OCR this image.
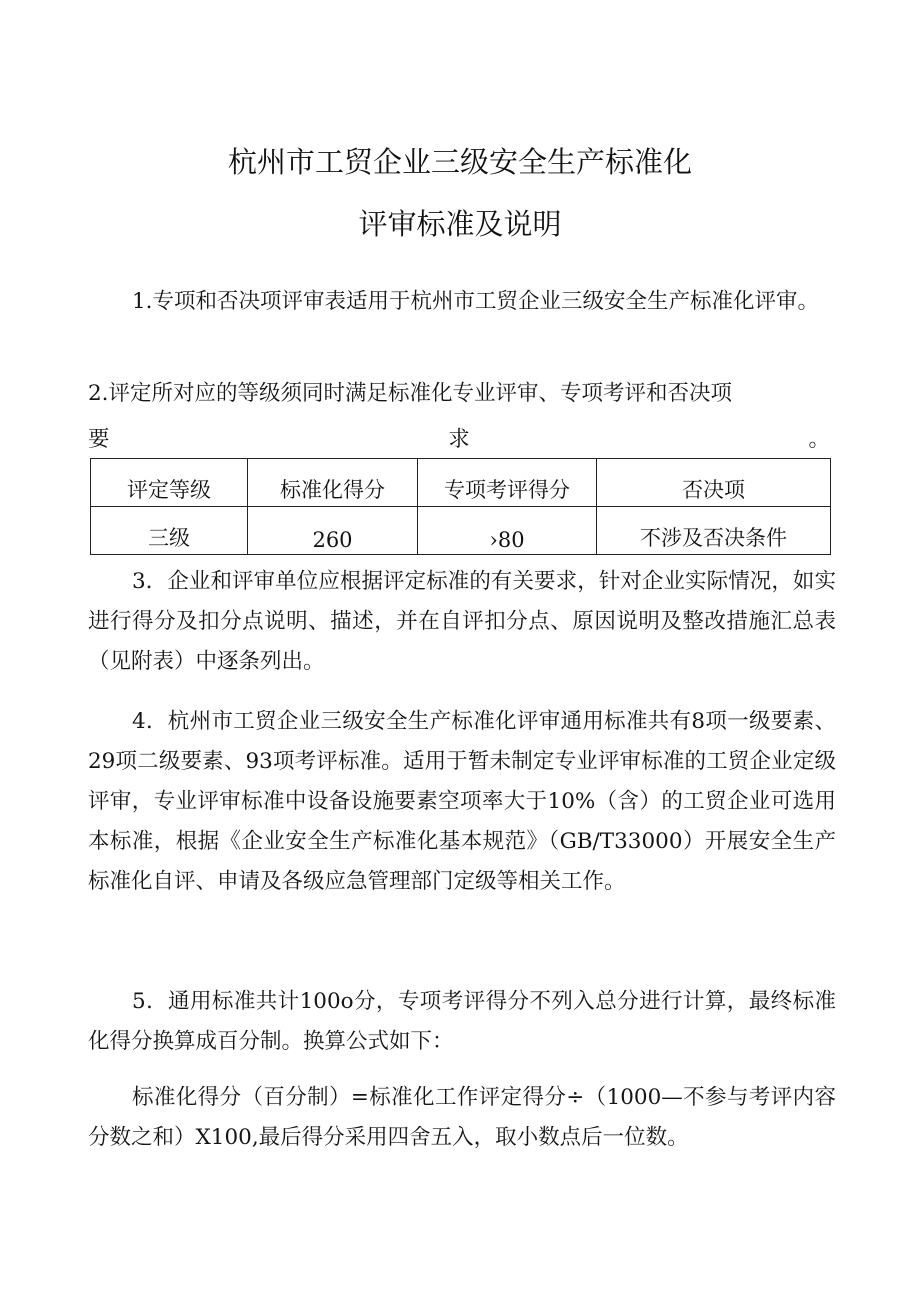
杭州市工贸企业三级安全生产标准化
评审标准及说明
1.专项和否决项评审表适用于杭州市工贸企业三级安全生产标准化评审。
2.评定所对应的等级须同时满足标准化专业评审、专项考评和否决项
要	求	。
评定等级	标准化得分	专项考评得分	否决项
三级	260	›80	不涉及否决条件
3．企业和评审单位应根据评定标准的有关要求，针对企业实际情况，如实进行得分及扣分点说明、描述，并在自评扣分点、原因说明及整改措施汇总表（见附表）中逐条列出。
4．杭州市工贸企业三级安全生产标准化评审通用标准共有8项一级要素、29项二级要素、93项考评标准。适用于暂未制定专业评审标准的工贸企业定级评审，专业评审标准中设备设施要素空项率大于10%（含）的工贸企业可选用本标准，根据《企业安全生产标准化基本规范》（GB/T33000）开展安全生产标准化自评、申请及各级应急管理部门定级等相关工作。
5．通用标准共计100o分，专项考评得分不列入总分进行计算，最终标准化得分换算成百分制。换算公式如下：
标准化得分（百分制）=标准化工作评定得分÷（1000—不参与考评内容分数之和）X100,最后得分采用四舍五入，取小数点后一位数。
